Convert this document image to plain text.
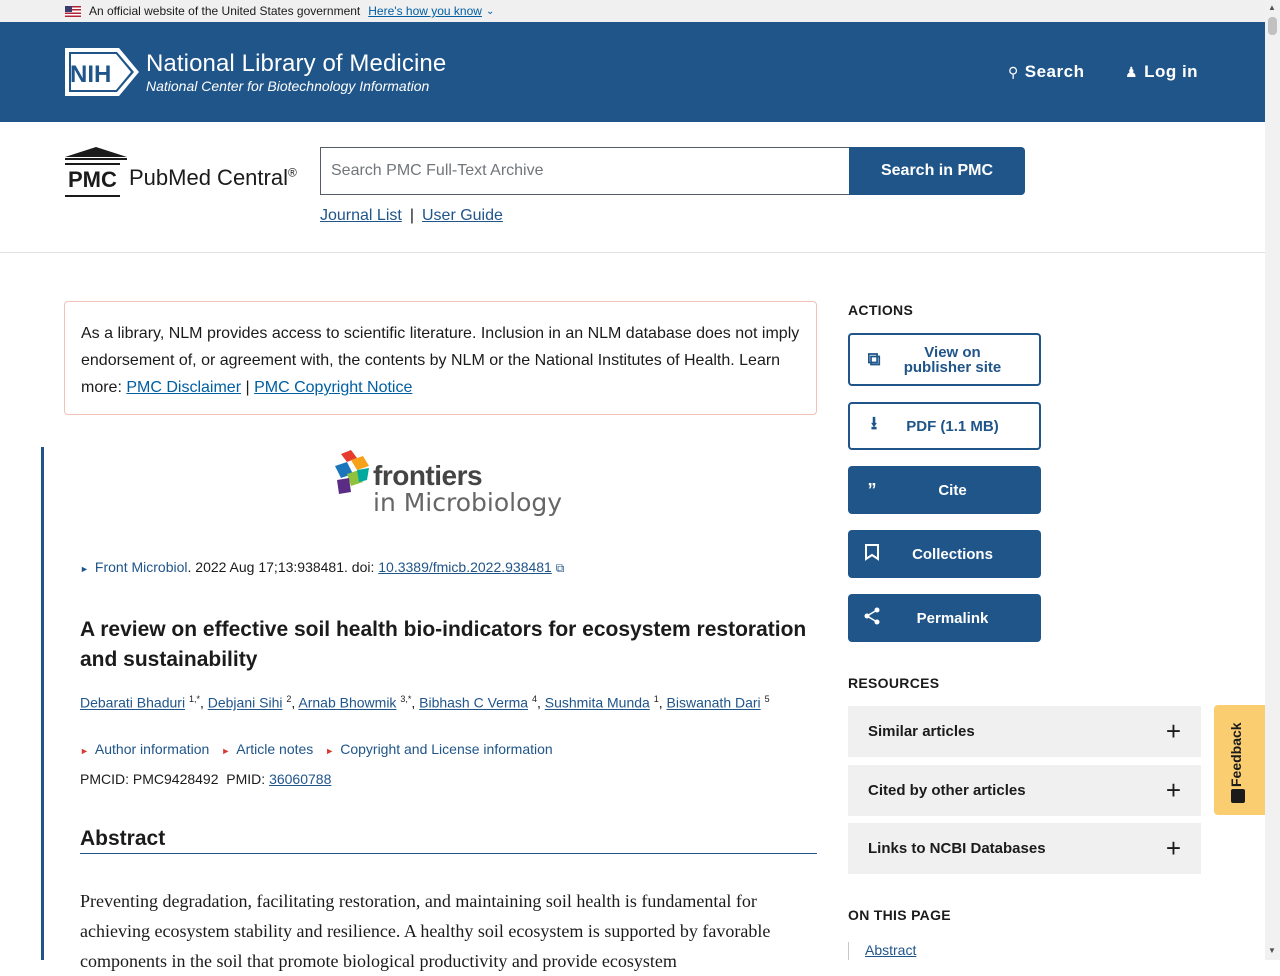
An official website of the United States government Here's how you know ⌄
NIH National Library of Medicine
National Center for Biotechnology Information
⚲ Search	♟ Log in
PMC PubMed Central®
Search PMC Full-Text Archive	Search in PMC
Journal List | User Guide
As a library, NLM provides access to scientific literature. Inclusion in an NLM database does not imply endorsement of, or agreement with, the contents by NLM or the National Institutes of Health. Learn more: PMC Disclaimer | PMC Copyright Notice
frontiers
in Microbiology
► Front Microbiol. 2022 Aug 17;13:938481. doi: 10.3389/fmicb.2022.938481 ⧉
A review on effective soil health bio-indicators for ecosystem restoration and sustainability
Debarati Bhaduri $^{1,*}$, Debjani Sihi $^2$, Arnab Bhowmik $^{3,*}$, Bibhash C Verma $^4$, Sushmita Munda $^1$, Biswanath Dari $^5$
► Author information ► Article notes ► Copyright and License information
PMCID: PMC9428492 PMID: 36060788
Abstract

Preventing degradation, facilitating restoration, and maintaining soil health is fundamental for achieving ecosystem stability and resilience. A healthy soil ecosystem is supported by favorable components in the soil that promote biological productivity and provide ecosystem

ACTIONS
⧉	View on publisher site
⭳	PDF (1.1 MB)
”	Cite
Collections
Permalink
RESOURCES
Similar articles	+
Cited by other articles	+
Links to NCBI Databases	+
ON THIS PAGE
Abstract
Feedback
▲
▼
